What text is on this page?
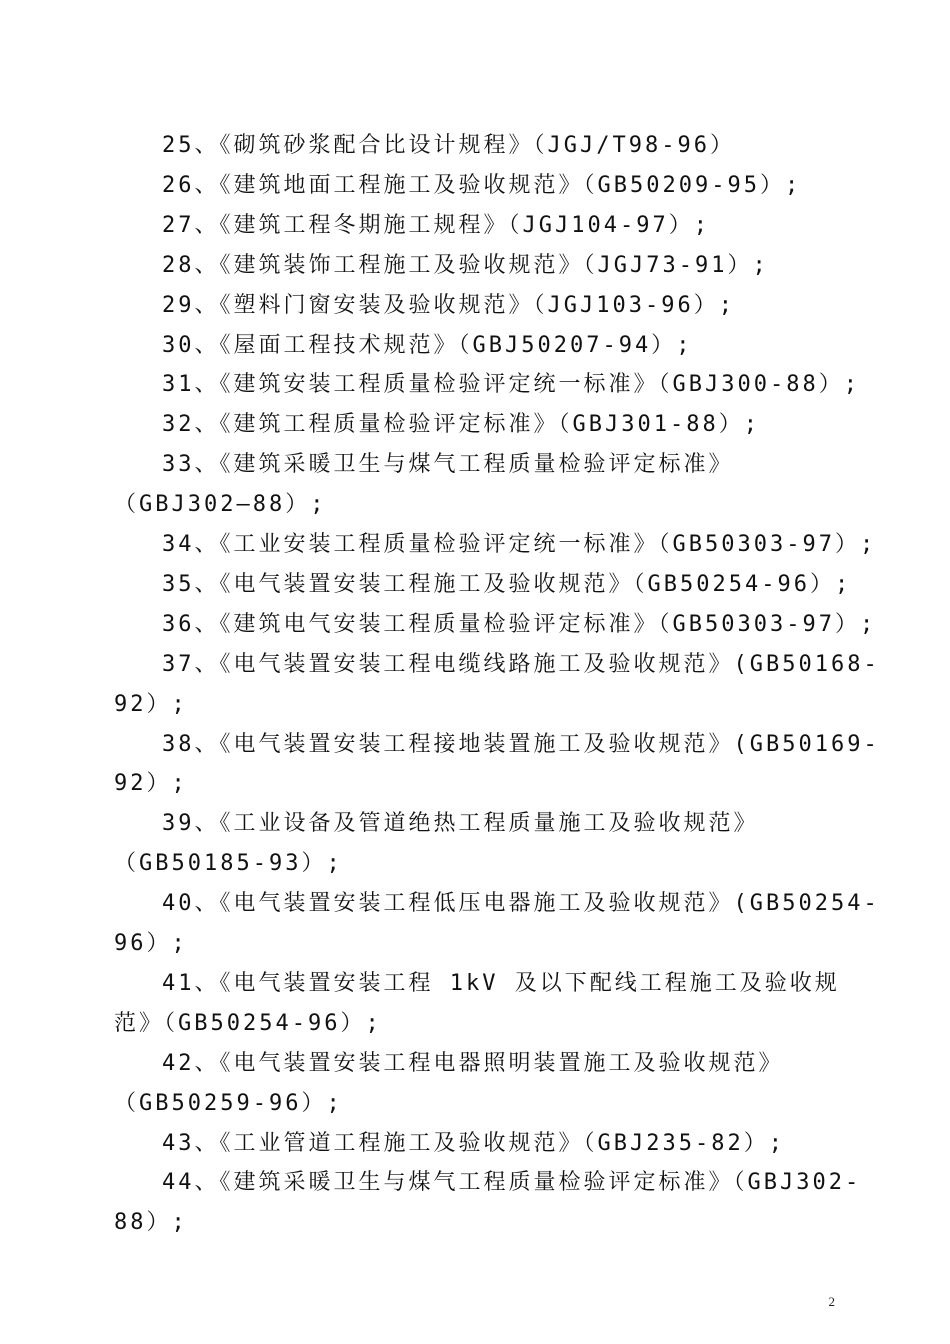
25、《砌筑砂浆配合比设计规程》（JGJ/T98-96）
26、《建筑地面工程施工及验收规范》（GB50209-95）;
27、《建筑工程冬期施工规程》（JGJ104-97）;
28、《建筑装饰工程施工及验收规范》（JGJ73-91）;
29、《塑料门窗安装及验收规范》（JGJ103-96）;
30、《屋面工程技术规范》（GBJ50207-94）;
31、《建筑安装工程质量检验评定统一标准》（GBJ300-88）;
32、《建筑工程质量检验评定标准》（GBJ301-88）;
33、《建筑采暖卫生与煤气工程质量检验评定标准》
（GBJ302—88）;
34、《工业安装工程质量检验评定统一标准》（GB50303-97）;
35、《电气装置安装工程施工及验收规范》（GB50254-96）;
36、《建筑电气安装工程质量检验评定标准》（GB50303-97）;
37、《电气装置安装工程电缆线路施工及验收规范》(GB50168-
92）;
38、《电气装置安装工程接地装置施工及验收规范》(GB50169-
92）;
39、《工业设备及管道绝热工程质量施工及验收规范》
（GB50185-93）;
40、《电气装置安装工程低压电器施工及验收规范》(GB50254-
96）;
41、《电气装置安装工程 1kV 及以下配线工程施工及验收规
范》（GB50254-96）;
42、《电气装置安装工程电器照明装置施工及验收规范》
（GB50259-96）;
43、《工业管道工程施工及验收规范》（GBJ235-82）;
44、《建筑采暖卫生与煤气工程质量检验评定标准》（GBJ302-
88）;
2
